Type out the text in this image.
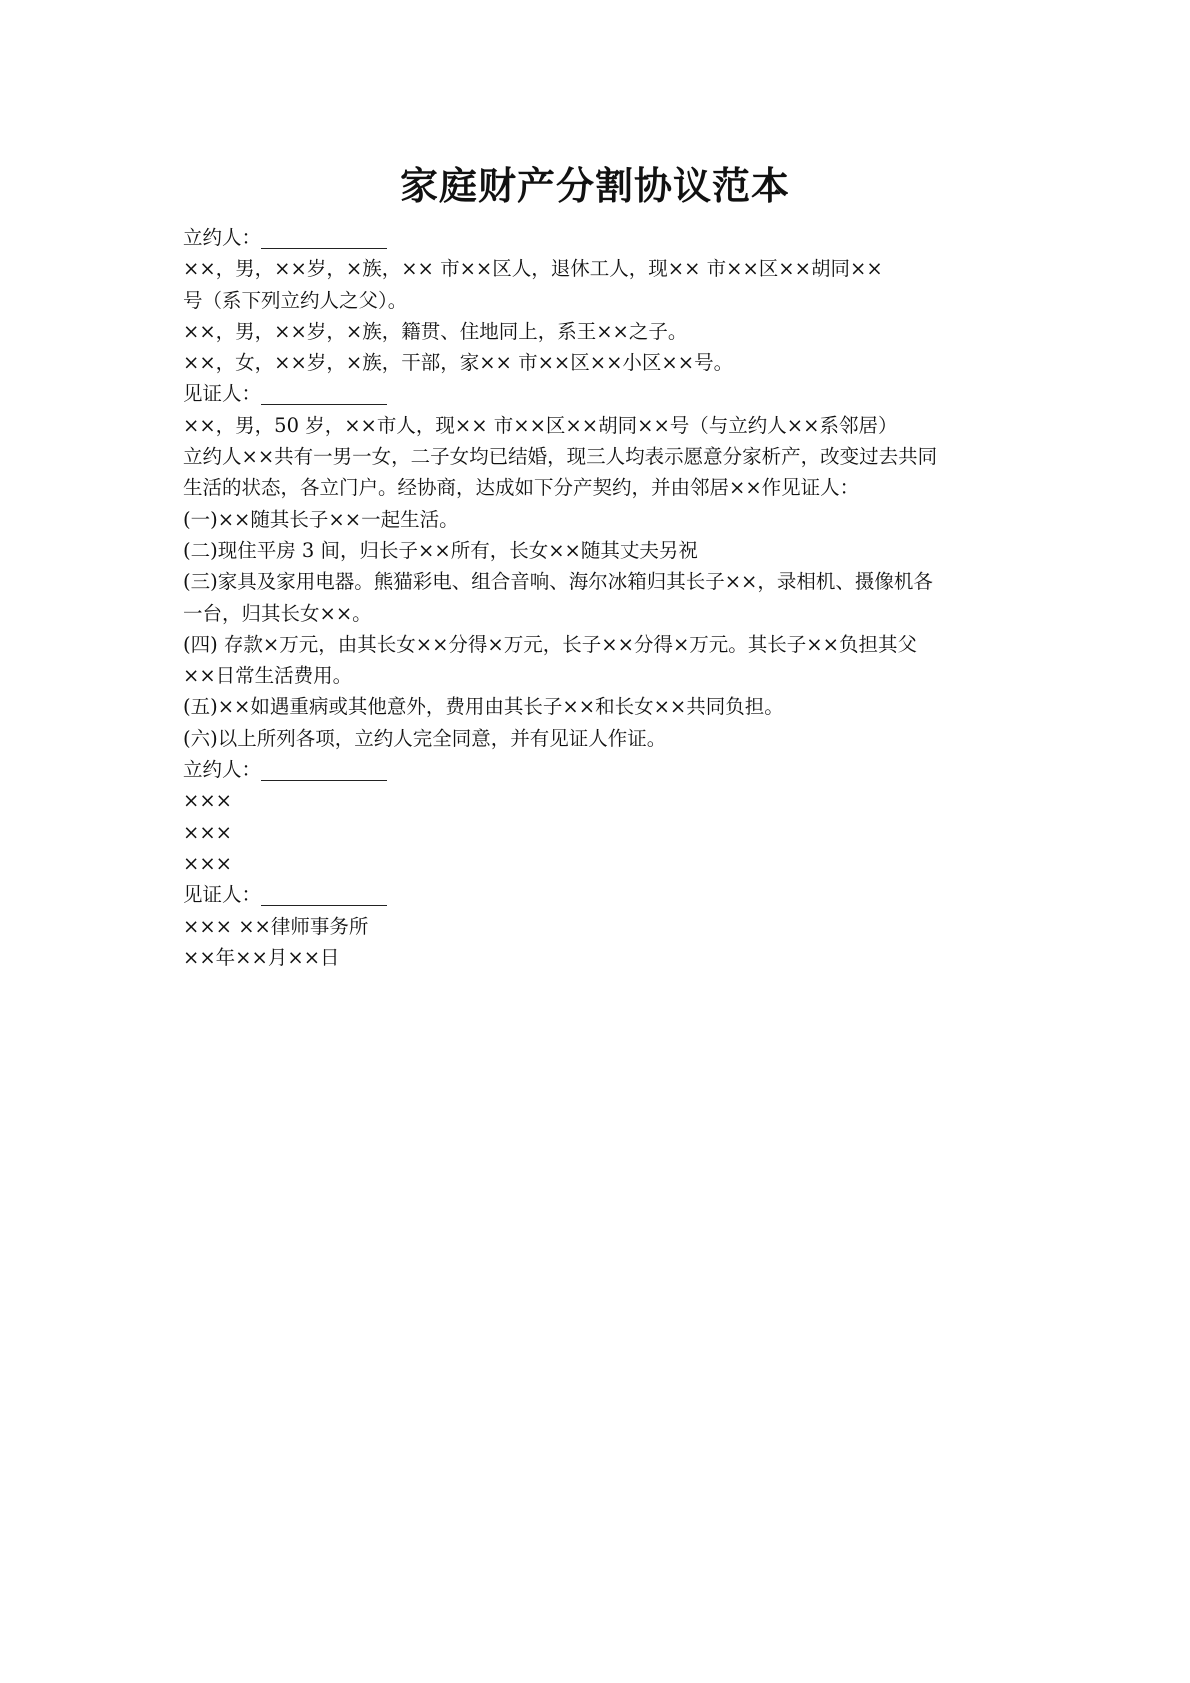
家庭财产分割协议范本

立约人：

××，男，××岁，×族，×× 市××区人，退休工人，现×× 市××区××胡同××

号（系下列立约人之父）。

××，男，××岁，×族，籍贯、住地同上，系王××之子。

××，女，××岁，×族，干部，家×× 市××区××小区××号。

见证人：

××，男，50 岁，××市人，现×× 市××区××胡同××号（与立约人××系邻居）

立约人××共有一男一女，二子女均已结婚，现三人均表示愿意分家析产，改变过去共同

生活的状态，各立门户。经协商，达成如下分产契约，并由邻居××作见证人：

(一)××随其长子××一起生活。

(二)现住平房 3 间，归长子××所有，长女××随其丈夫另祝

(三)家具及家用电器。熊猫彩电、组合音响、海尔冰箱归其长子××，录相机、摄像机各

一台，归其长女××。

(四) 存款×万元，由其长女××分得×万元，长子××分得×万元。其长子××负担其父

××日常生活费用。

(五)××如遇重病或其他意外，费用由其长子××和长女××共同负担。

(六)以上所列各项，立约人完全同意，并有见证人作证。

立约人：

×××

×××

×××

见证人：

××× ××律师事务所

××年××月××日
